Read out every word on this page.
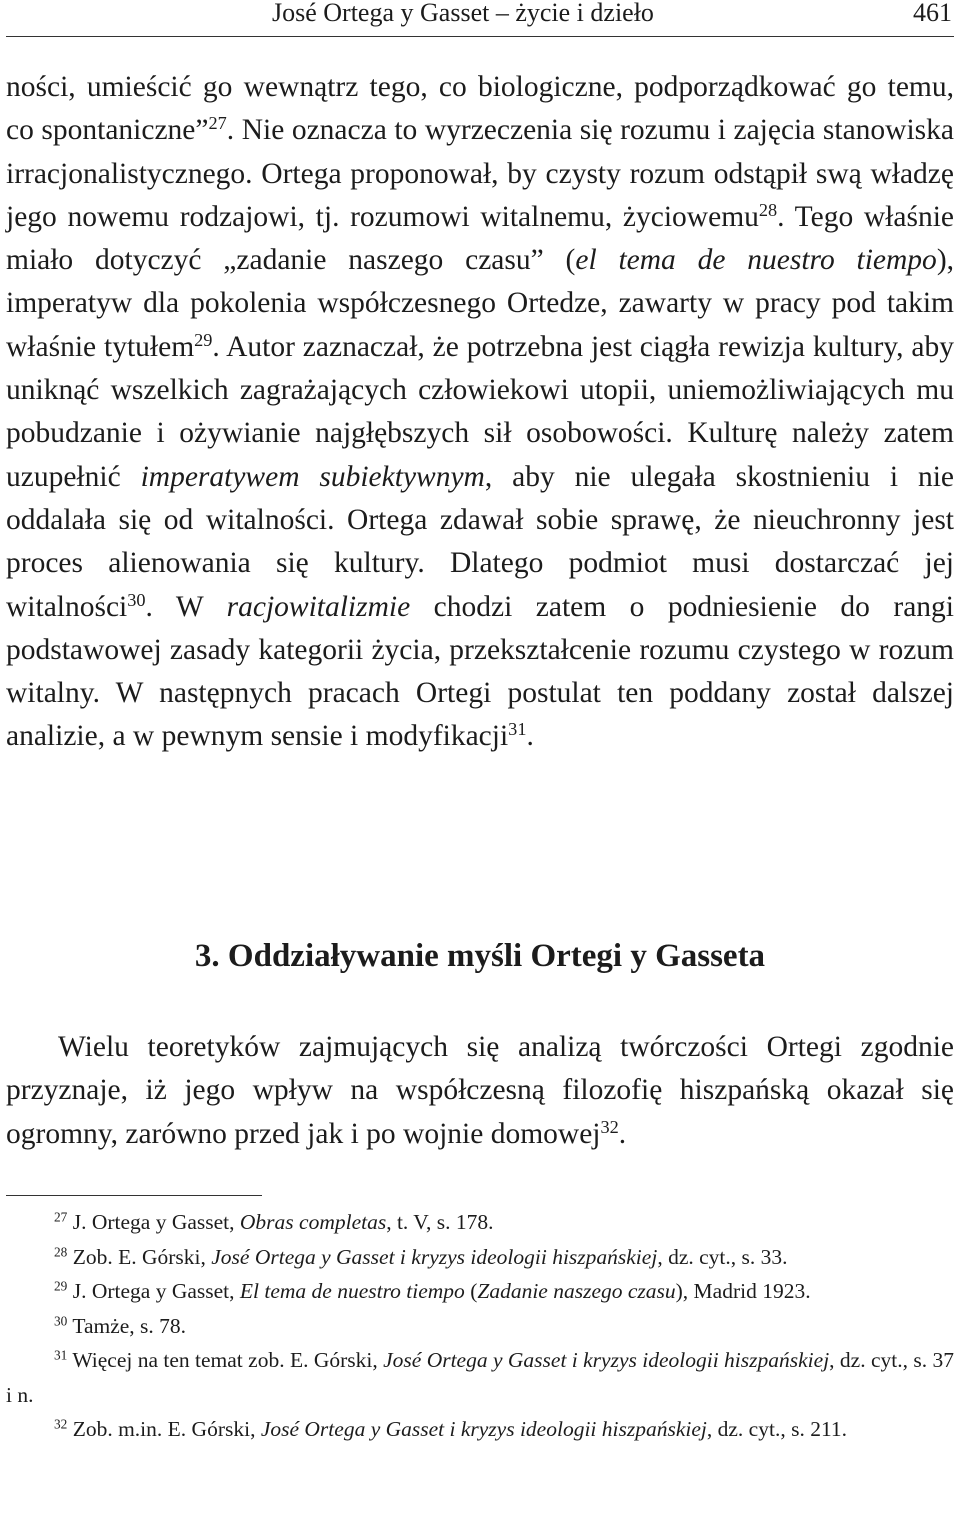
José Ortega y Gasset – życie i dzieło	461

ności, umieścić go wewnątrz tego, co biologiczne, podporządkować go temu, co spontaniczne”$^{27}$. Nie oznacza to wyrzeczenia się rozumu i zajęcia stanowiska irracjonalistycznego. Ortega proponował, by czysty rozum odstąpił swą władzę jego nowemu rodzajowi, tj. rozumowi witalnemu, życiowemu$^{28}$. Tego właśnie miało dotyczyć „zadanie naszego czasu” (el tema de nuestro tiempo), imperatyw dla pokolenia współczesnego Ortedze, zawarty w pracy pod takim właśnie tytułem$^{29}$. Autor zaznaczał, że potrzebna jest ciągła rewizja kultury, aby uniknąć wszelkich zagrażających człowiekowi utopii, uniemożliwiających mu pobudzanie i ożywianie najgłębszych sił osobowości. Kulturę należy zatem uzupełnić imperatywem subiektywnym, aby nie ulegała skostnieniu i nie oddalała się od witalności. Ortega zdawał sobie sprawę, że nieuchronny jest proces alienowania się kultury. Dlatego podmiot musi dostarczać jej witalności$^{30}$. W racjowitalizmie chodzi zatem o podniesienie do rangi podstawowej zasady kategorii życia, przekształcenie rozumu czystego w rozum witalny. W następnych pracach Ortegi postulat ten poddany został dalszej analizie, a w pewnym sensie i modyfikacji$^{31}$.

3. Oddziaływanie myśli Ortegi y Gasseta

Wielu teoretyków zajmujących się analizą twórczości Ortegi zgodnie przyznaje, iż jego wpływ na współczesną filozofię hiszpańską okazał się ogromny, zarówno przed jak i po wojnie domowej$^{32}$.

$^{27}$ J. Ortega y Gasset, Obras completas, t. V, s. 178.

$^{28}$ Zob. E. Górski, José Ortega y Gasset i kryzys ideologii hiszpańskiej, dz. cyt., s. 33.

$^{29}$ J. Ortega y Gasset, El tema de nuestro tiempo (Zadanie naszego czasu), Madrid 1923.

$^{30}$ Tamże, s. 78.

$^{31}$ Więcej na ten temat zob. E. Górski, José Ortega y Gasset i kryzys ideologii hiszpańskiej, dz. cyt., s. 37 i n.

$^{32}$ Zob. m.in. E. Górski, José Ortega y Gasset i kryzys ideologii hiszpańskiej, dz. cyt., s. 211.
